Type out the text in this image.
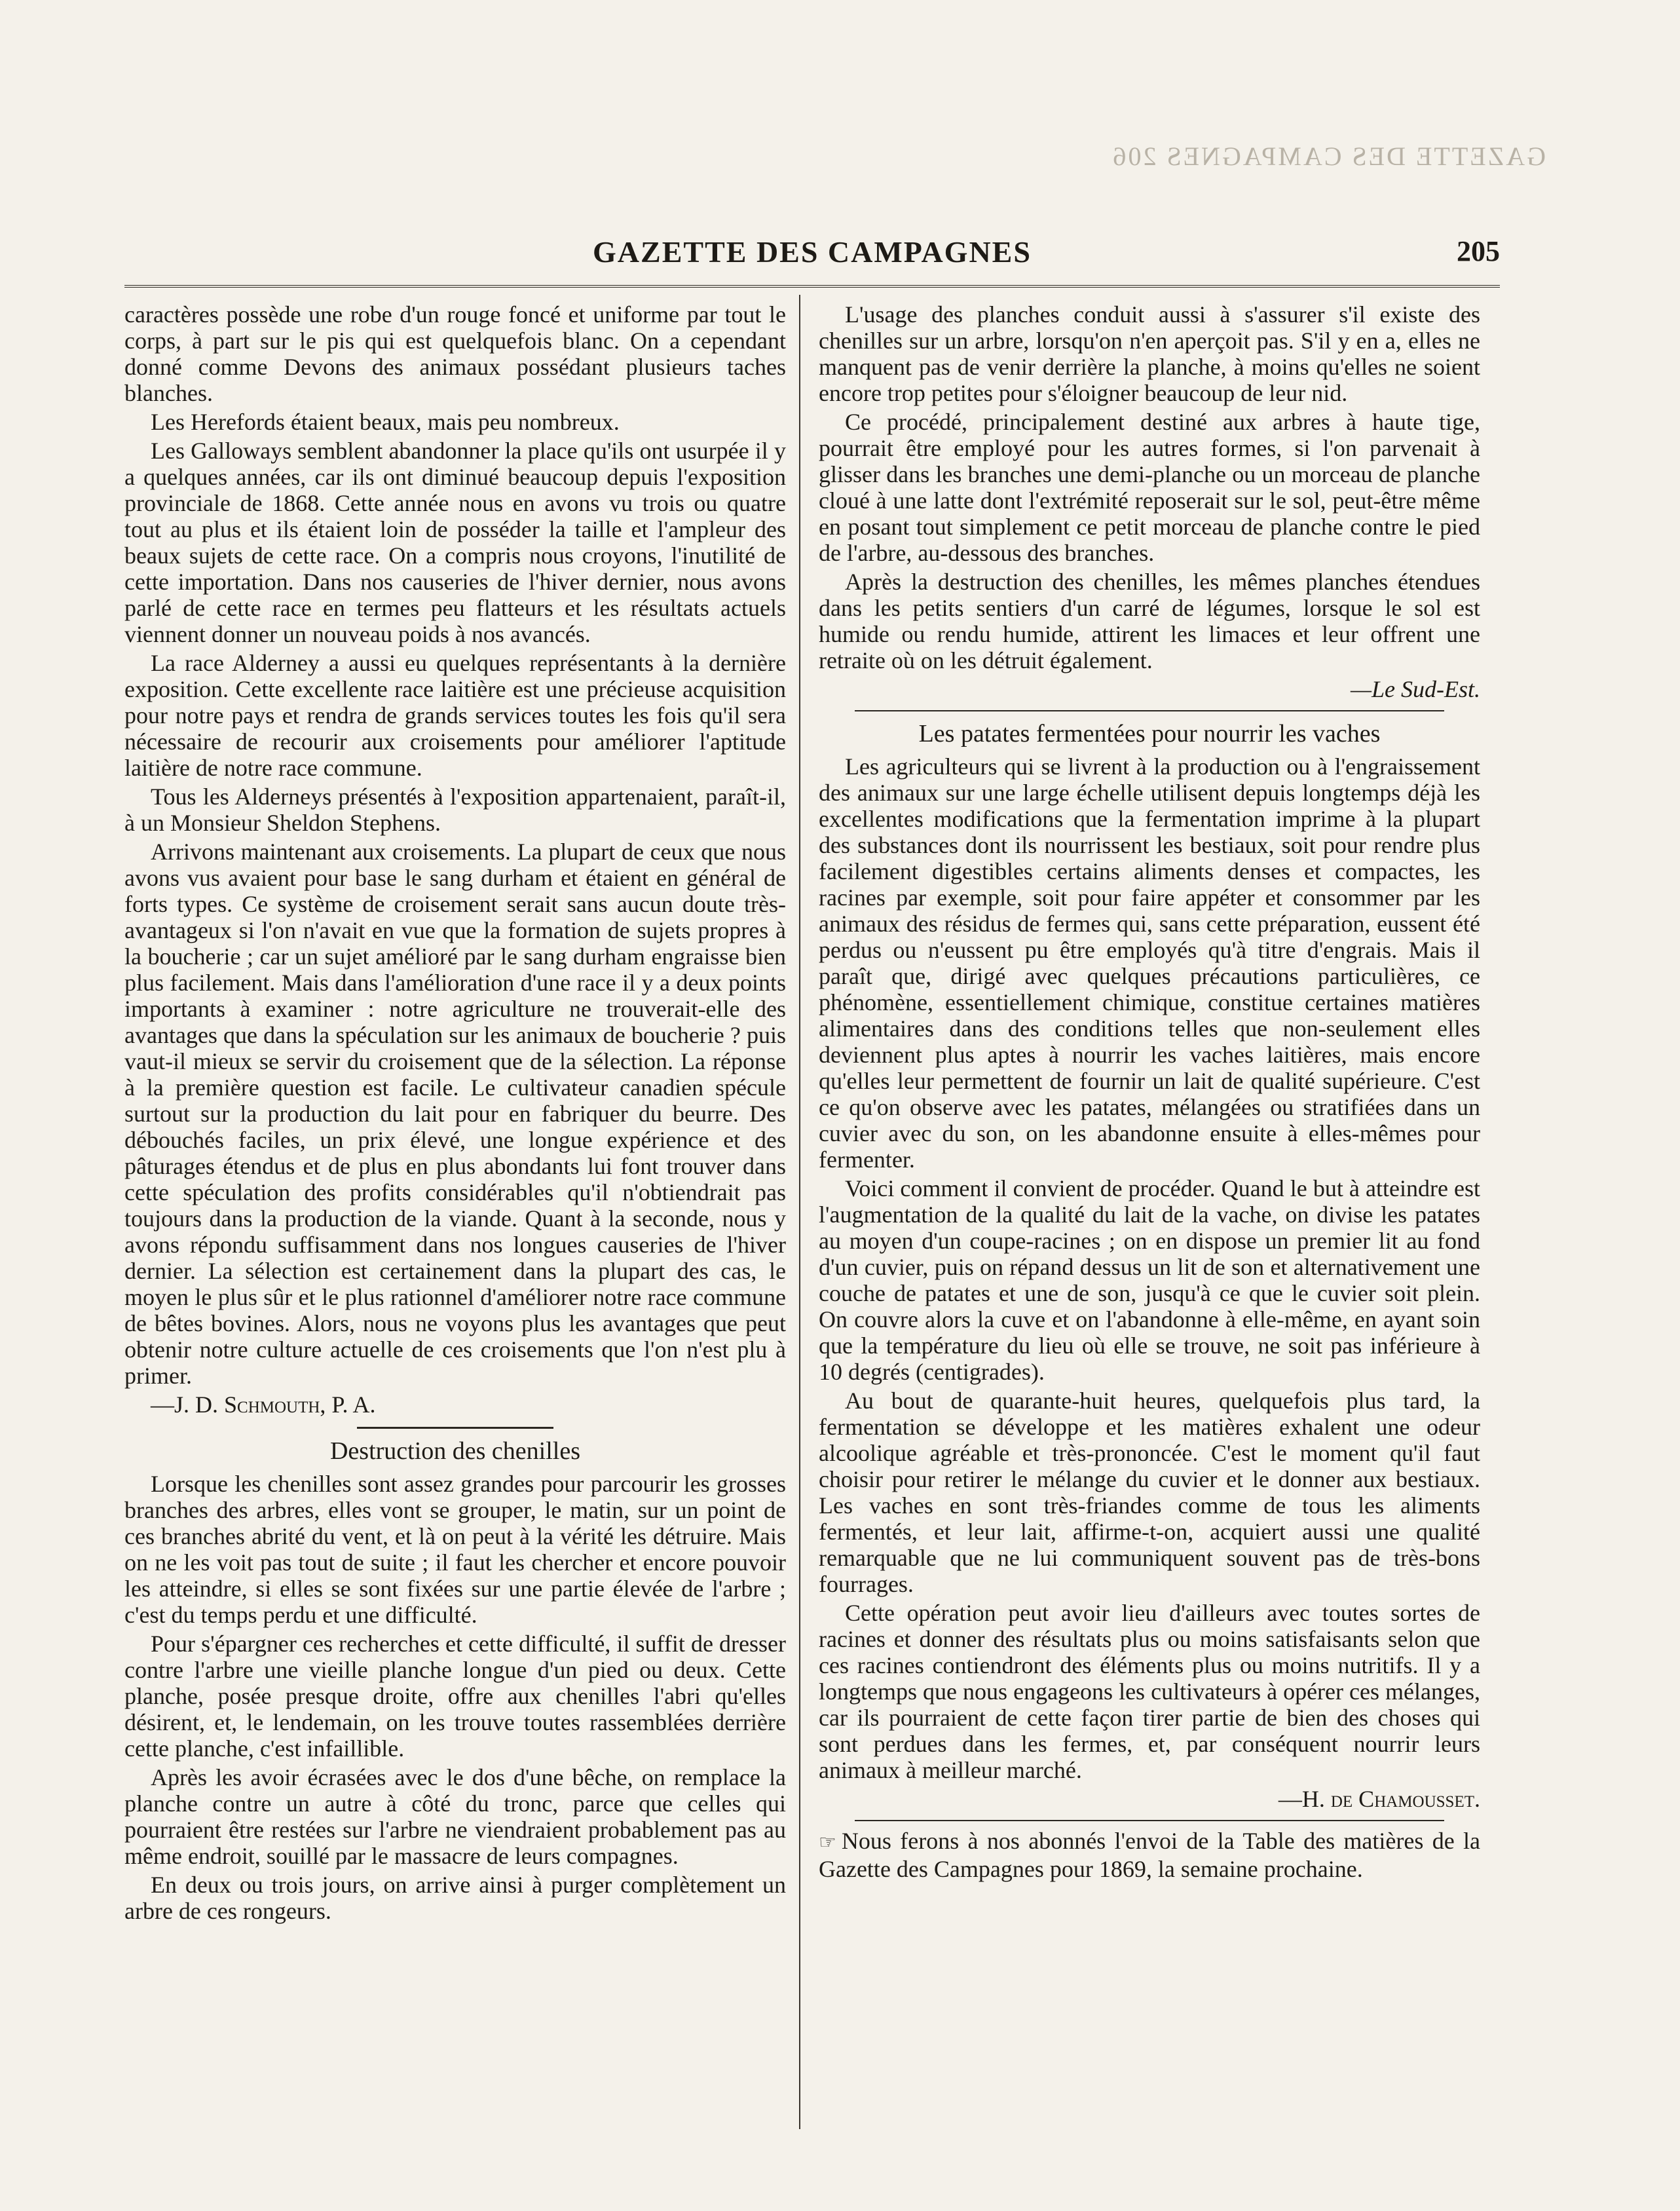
GAZETTE DES CAMPAGNES 206
GAZETTE DES CAMPAGNES	205

caractères possède une robe d'un rouge foncé et uniforme par tout le corps, à part sur le pis qui est quelquefois blanc. On a cependant donné comme Devons des animaux possédant plusieurs taches blanches.

Les Herefords étaient beaux, mais peu nombreux.

Les Galloways semblent abandonner la place qu'ils ont usurpée il y a quelques années, car ils ont diminué beaucoup depuis l'exposition provinciale de 1868. Cette année nous en avons vu trois ou quatre tout au plus et ils étaient loin de posséder la taille et l'ampleur des beaux sujets de cette race. On a compris nous croyons, l'inutilité de cette importation. Dans nos causeries de l'hiver dernier, nous avons parlé de cette race en termes peu flatteurs et les résultats actuels viennent donner un nouveau poids à nos avancés.

La race Alderney a aussi eu quelques représentants à la dernière exposition. Cette excellente race laitière est une précieuse acquisition pour notre pays et rendra de grands services toutes les fois qu'il sera nécessaire de recourir aux croisements pour améliorer l'aptitude laitière de notre race commune.

Tous les Alderneys présentés à l'exposition appartenaient, paraît-il, à un Monsieur Sheldon Stephens.

Arrivons maintenant aux croisements. La plupart de ceux que nous avons vus avaient pour base le sang durham et étaient en général de forts types. Ce système de croisement serait sans aucun doute très-avantageux si l'on n'avait en vue que la formation de sujets propres à la boucherie ; car un sujet amélioré par le sang durham engraisse bien plus facilement. Mais dans l'amélioration d'une race il y a deux points importants à examiner : notre agriculture ne trouverait-elle des avantages que dans la spéculation sur les animaux de boucherie ? puis vaut-il mieux se servir du croisement que de la sélection. La réponse à la première question est facile. Le cultivateur canadien spécule surtout sur la production du lait pour en fabriquer du beurre. Des débouchés faciles, un prix élevé, une longue expérience et des pâturages étendus et de plus en plus abondants lui font trouver dans cette spéculation des profits considérables qu'il n'obtiendrait pas toujours dans la production de la viande. Quant à la seconde, nous y avons répondu suffisamment dans nos longues causeries de l'hiver dernier. La sélection est certainement dans la plupart des cas, le moyen le plus sûr et le plus rationnel d'améliorer notre race commune de bêtes bovines. Alors, nous ne voyons plus les avantages que peut obtenir notre culture actuelle de ces croisements que l'on n'est plu à primer.

—J. D. Schmouth, P. A.

Destruction des chenilles

Lorsque les chenilles sont assez grandes pour parcourir les grosses branches des arbres, elles vont se grouper, le matin, sur un point de ces branches abrité du vent, et là on peut à la vérité les détruire. Mais on ne les voit pas tout de suite ; il faut les chercher et encore pouvoir les atteindre, si elles se sont fixées sur une partie élevée de l'arbre ; c'est du temps perdu et une difficulté.

Pour s'épargner ces recherches et cette difficulté, il suffit de dresser contre l'arbre une vieille planche longue d'un pied ou deux. Cette planche, posée presque droite, offre aux chenilles l'abri qu'elles désirent, et, le lendemain, on les trouve toutes rassemblées derrière cette planche, c'est infaillible.

Après les avoir écrasées avec le dos d'une bêche, on remplace la planche contre un autre à côté du tronc, parce que celles qui pourraient être restées sur l'arbre ne viendraient probablement pas au même endroit, souillé par le massacre de leurs compagnes.

En deux ou trois jours, on arrive ainsi à purger complètement un arbre de ces rongeurs.

L'usage des planches conduit aussi à s'assurer s'il existe des chenilles sur un arbre, lorsqu'on n'en aperçoit pas. S'il y en a, elles ne manquent pas de venir derrière la planche, à moins qu'elles ne soient encore trop petites pour s'éloigner beaucoup de leur nid.

Ce procédé, principalement destiné aux arbres à haute tige, pourrait être employé pour les autres formes, si l'on parvenait à glisser dans les branches une demi-planche ou un morceau de planche cloué à une latte dont l'extrémité reposerait sur le sol, peut-être même en posant tout simplement ce petit morceau de planche contre le pied de l'arbre, au-dessous des branches.

Après la destruction des chenilles, les mêmes planches étendues dans les petits sentiers d'un carré de légumes, lorsque le sol est humide ou rendu humide, attirent les limaces et leur offrent une retraite où on les détruit également.

—Le Sud-Est.

Les patates fermentées pour nourrir les vaches

Les agriculteurs qui se livrent à la production ou à l'engraissement des animaux sur une large échelle utilisent depuis longtemps déjà les excellentes modifications que la fermentation imprime à la plupart des substances dont ils nourrissent les bestiaux, soit pour rendre plus facilement digestibles certains aliments denses et compactes, les racines par exemple, soit pour faire appéter et consommer par les animaux des résidus de fermes qui, sans cette préparation, eussent été perdus ou n'eussent pu être employés qu'à titre d'engrais. Mais il paraît que, dirigé avec quelques précautions particulières, ce phénomène, essentiellement chimique, constitue certaines matières alimentaires dans des conditions telles que non-seulement elles deviennent plus aptes à nourrir les vaches laitières, mais encore qu'elles leur permettent de fournir un lait de qualité supérieure. C'est ce qu'on observe avec les patates, mélangées ou stratifiées dans un cuvier avec du son, on les abandonne ensuite à elles-mêmes pour fermenter.

Voici comment il convient de procéder. Quand le but à atteindre est l'augmentation de la qualité du lait de la vache, on divise les patates au moyen d'un coupe-racines ; on en dispose un premier lit au fond d'un cuvier, puis on répand dessus un lit de son et alternativement une couche de patates et une de son, jusqu'à ce que le cuvier soit plein. On couvre alors la cuve et on l'abandonne à elle-même, en ayant soin que la température du lieu où elle se trouve, ne soit pas inférieure à 10 degrés (centigrades).

Au bout de quarante-huit heures, quelquefois plus tard, la fermentation se développe et les matières exhalent une odeur alcoolique agréable et très-prononcée. C'est le moment qu'il faut choisir pour retirer le mélange du cuvier et le donner aux bestiaux. Les vaches en sont très-friandes comme de tous les aliments fermentés, et leur lait, affirme-t-on, acquiert aussi une qualité remarquable que ne lui communiquent souvent pas de très-bons fourrages.

Cette opération peut avoir lieu d'ailleurs avec toutes sortes de racines et donner des résultats plus ou moins satisfaisants selon que ces racines contiendront des éléments plus ou moins nutritifs. Il y a longtemps que nous engageons les cultivateurs à opérer ces mélanges, car ils pourraient de cette façon tirer partie de bien des choses qui sont perdues dans les fermes, et, par conséquent nourrir leurs animaux à meilleur marché.

—H. de Chamousset.

☞ Nous ferons à nos abonnés l'envoi de la Table des matières de la Gazette des Campagnes pour 1869, la semaine prochaine.
